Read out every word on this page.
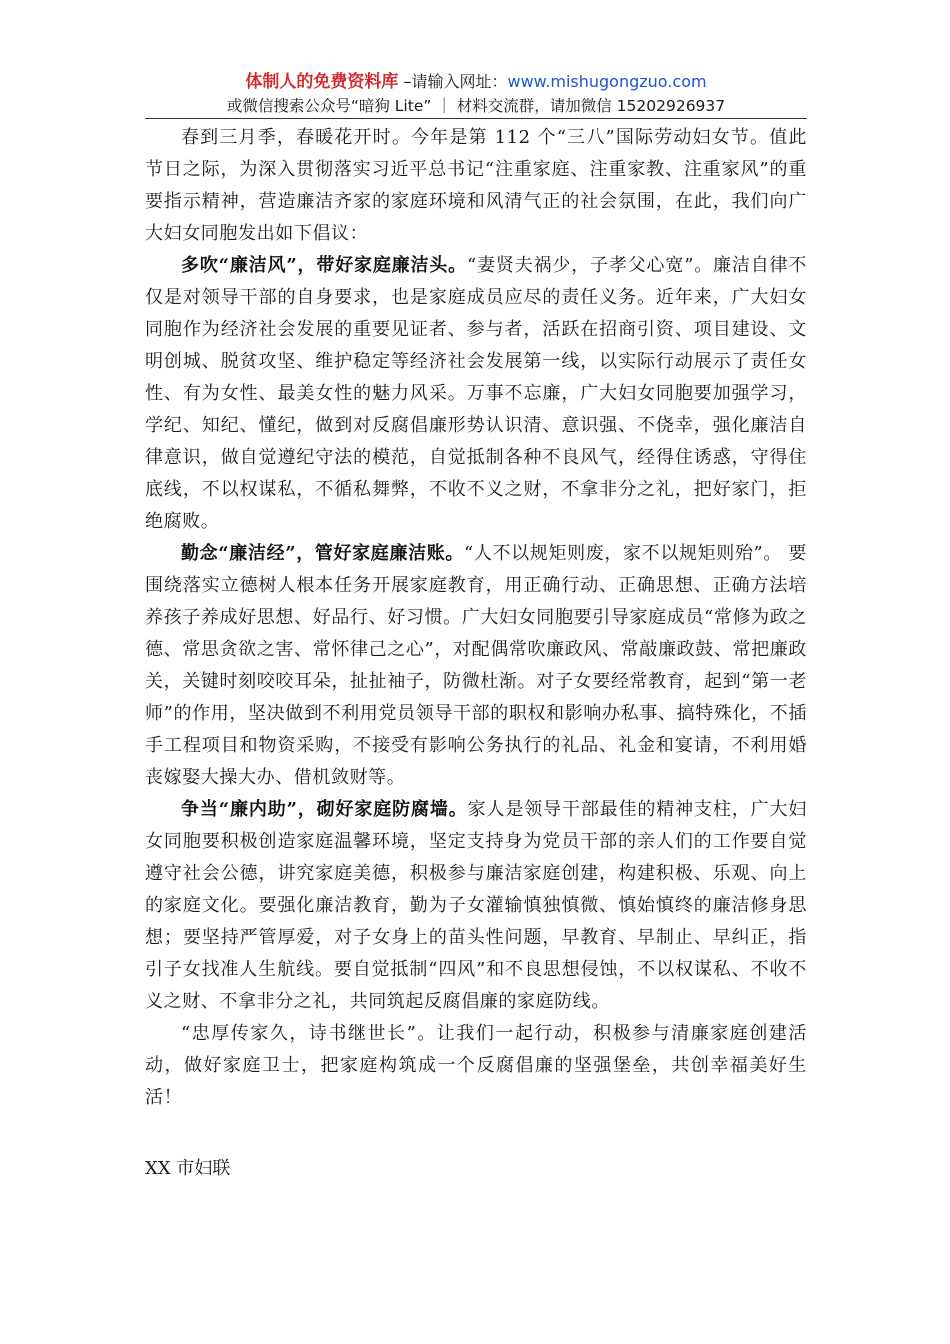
体制人的免费资料库 –请输入网址：www.mishugongzuo.com
或微信搜索公众号“暗狗 Lite” ｜ 材料交流群，请加微信 15202926937

春到三月季，春暖花开时。今年是第 112 个“三八”国际劳动妇女节。值此节日之际，为深入贯彻落实习近平总书记“注重家庭、注重家教、注重家风”的重要指示精神，营造廉洁齐家的家庭环境和风清气正的社会氛围，在此，我们向广大妇女同胞发出如下倡议：

多吹“廉洁风”，带好家庭廉洁头。“妻贤夫祸少，子孝父心宽”。廉洁自律不仅是对领导干部的自身要求，也是家庭成员应尽的责任义务。近年来，广大妇女同胞作为经济社会发展的重要见证者、参与者，活跃在招商引资、项目建设、文明创城、脱贫攻坚、维护稳定等经济社会发展第一线，以实际行动展示了责任女性、有为女性、最美女性的魅力风采。万事不忘廉，广大妇女同胞要加强学习，学纪、知纪、懂纪，做到对反腐倡廉形势认识清、意识强、不侥幸，强化廉洁自律意识，做自觉遵纪守法的模范，自觉抵制各种不良风气，经得住诱惑，守得住底线，不以权谋私，不循私舞弊，不收不义之财，不拿非分之礼，把好家门，拒绝腐败。

勤念“廉洁经”，管好家庭廉洁账。“人不以规矩则废，家不以规矩则殆”。 要围绕落实立德树人根本任务开展家庭教育，用正确行动、正确思想、正确方法培养孩子养成好思想、好品行、好习惯。广大妇女同胞要引导家庭成员“常修为政之德、常思贪欲之害、常怀律己之心”，对配偶常吹廉政风、常敲廉政鼓、常把廉政关，关键时刻咬咬耳朵，扯扯袖子，防微杜渐。对子女要经常教育，起到“第一老师”的作用，坚决做到不利用党员领导干部的职权和影响办私事、搞特殊化，不插手工程项目和物资采购，不接受有影响公务执行的礼品、礼金和宴请，不利用婚丧嫁娶大操大办、借机敛财等。

争当“廉内助”，砌好家庭防腐墙。家人是领导干部最佳的精神支柱，广大妇女同胞要积极创造家庭温馨环境，坚定支持身为党员干部的亲人们的工作要自觉遵守社会公德，讲究家庭美德，积极参与廉洁家庭创建，构建积极、乐观、向上的家庭文化。要强化廉洁教育，勤为子女灌输慎独慎微、慎始慎终的廉洁修身思想；要坚持严管厚爱，对子女身上的苗头性问题，早教育、早制止、早纠正，指引子女找准人生航线。要自觉抵制“四风”和不良思想侵蚀，不以权谋私、不收不义之财、不拿非分之礼，共同筑起反腐倡廉的家庭防线。

“忠厚传家久，诗书继世长”。让我们一起行动，积极参与清廉家庭创建活动，做好家庭卫士，把家庭构筑成一个反腐倡廉的坚强堡垒，共创幸福美好生活！

XX 市妇联
